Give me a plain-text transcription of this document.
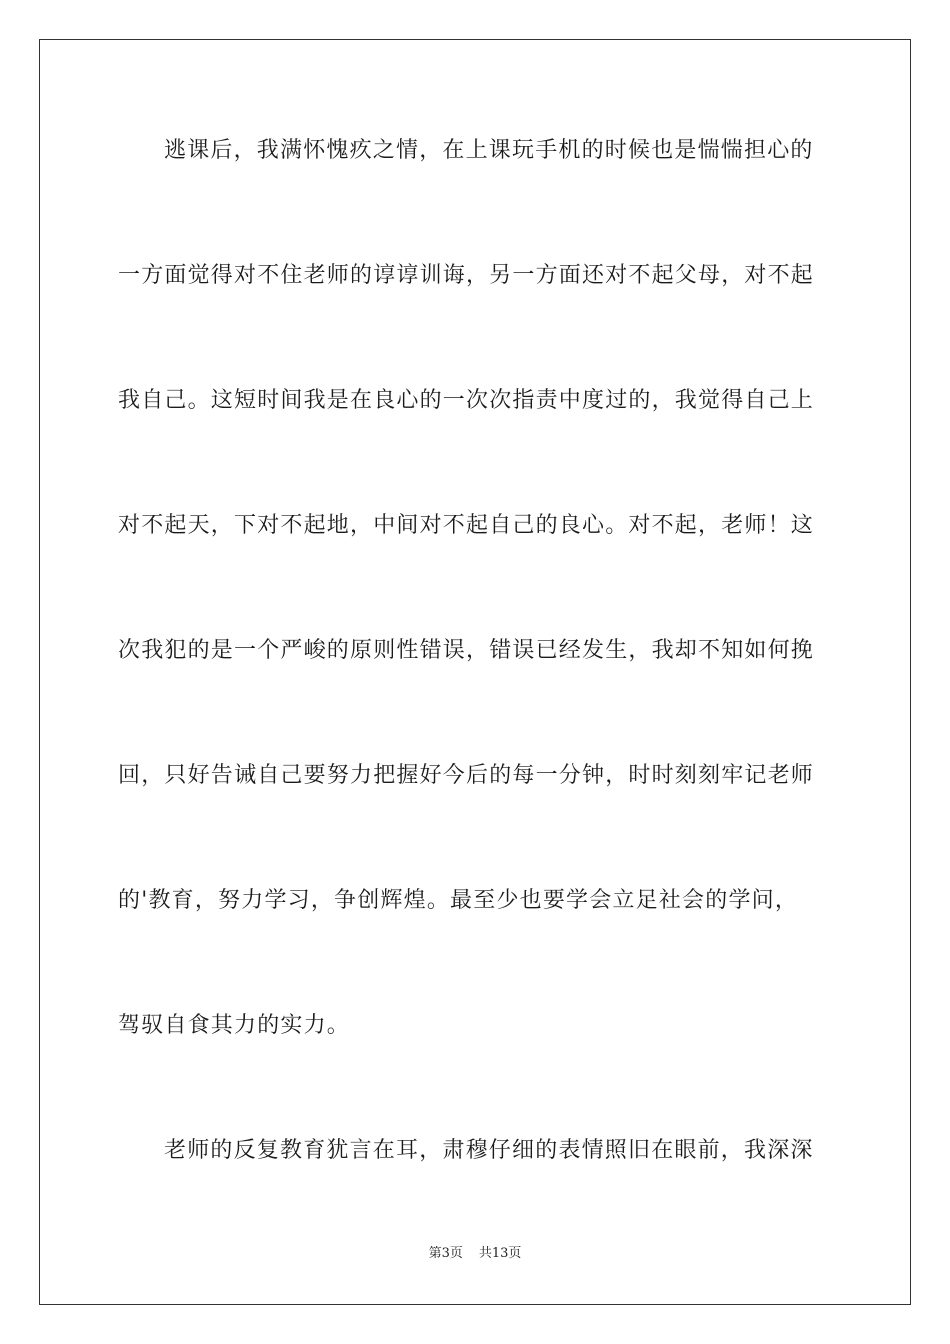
逃课后，我满怀愧疚之情，在上课玩手机的时候也是惴惴担心的
一方面觉得对不住老师的谆谆训诲，另一方面还对不起父母，对不起
我自己。这短时间我是在良心的一次次指责中度过的，我觉得自己上
对不起天，下对不起地，中间对不起自己的良心。对不起，老师！这
次我犯的是一个严峻的原则性错误，错误已经发生，我却不知如何挽
回，只好告诫自己要努力把握好今后的每一分钟，时时刻刻牢记老师
的'教育，努力学习，争创辉煌。最至少也要学会立足社会的学问，
驾驭自食其力的实力。
老师的反复教育犹言在耳，肃穆仔细的表情照旧在眼前，我深深
第3页 共13页
